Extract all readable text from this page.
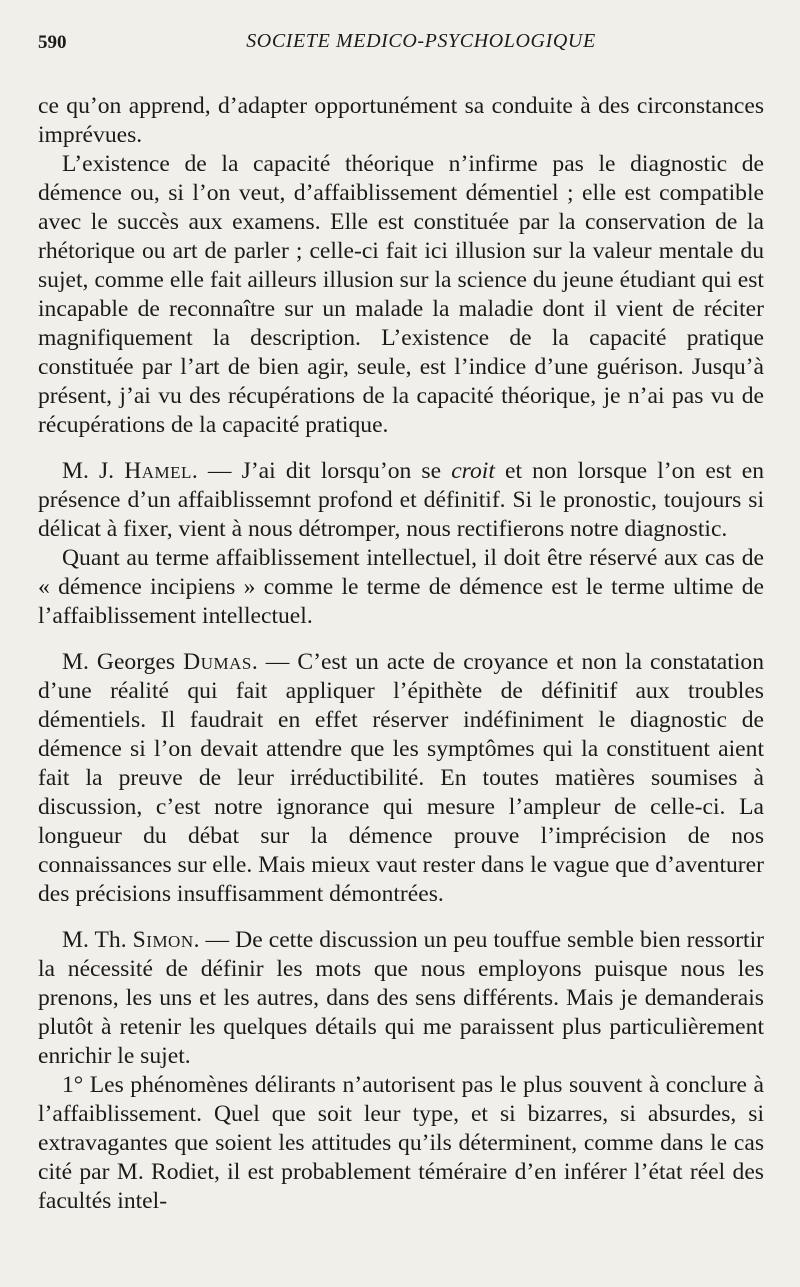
590	SOCIETE MEDICO-PSYCHOLOGIQUE

ce qu’on apprend, d’adapter opportunément sa conduite à des circonstances imprévues.

L’existence de la capacité théorique n’infirme pas le diagnostic de démence ou, si l’on veut, d’affaiblissement démentiel ; elle est compatible avec le succès aux examens. Elle est constituée par la conservation de la rhétorique ou art de parler ; celle-ci fait ici illusion sur la valeur mentale du sujet, comme elle fait ailleurs illusion sur la science du jeune étudiant qui est incapable de reconnaître sur un malade la maladie dont il vient de réciter magnifiquement la description. L’existence de la capacité pratique constituée par l’art de bien agir, seule, est l’indice d’une guérison. Jusqu’à présent, j’ai vu des récupérations de la capacité théorique, je n’ai pas vu de récupérations de la capacité pratique.

M. J. Hamel. — J’ai dit lorsqu’on se croit et non lorsque l’on est en présence d’un affaiblissemnt profond et définitif. Si le pronostic, toujours si délicat à fixer, vient à nous détromper, nous rectifierons notre diagnostic.

Quant au terme affaiblissement intellectuel, il doit être réservé aux cas de « démence incipiens » comme le terme de démence est le terme ultime de l’affaiblissement intellectuel.

M. Georges Dumas. — C’est un acte de croyance et non la constatation d’une réalité qui fait appliquer l’épithète de définitif aux troubles démentiels. Il faudrait en effet réserver indéfiniment le diagnostic de démence si l’on devait attendre que les symptômes qui la constituent aient fait la preuve de leur irréductibilité. En toutes matières soumises à discussion, c’est notre ignorance qui mesure l’ampleur de celle-ci. La longueur du débat sur la démence prouve l’imprécision de nos connaissances sur elle. Mais mieux vaut rester dans le vague que d’aventurer des précisions insuffisamment démontrées.

M. Th. Simon. — De cette discussion un peu touffue semble bien ressortir la nécessité de définir les mots que nous employons puisque nous les prenons, les uns et les autres, dans des sens différents. Mais je demanderais plutôt à retenir les quelques détails qui me paraissent plus particulièrement enrichir le sujet.

1° Les phénomènes délirants n’autorisent pas le plus souvent à conclure à l’affaiblissement. Quel que soit leur type, et si bizarres, si absurdes, si extravagantes que soient les attitudes qu’ils déterminent, comme dans le cas cité par M. Rodiet, il est probablement téméraire d’en inférer l’état réel des facultés intel-
